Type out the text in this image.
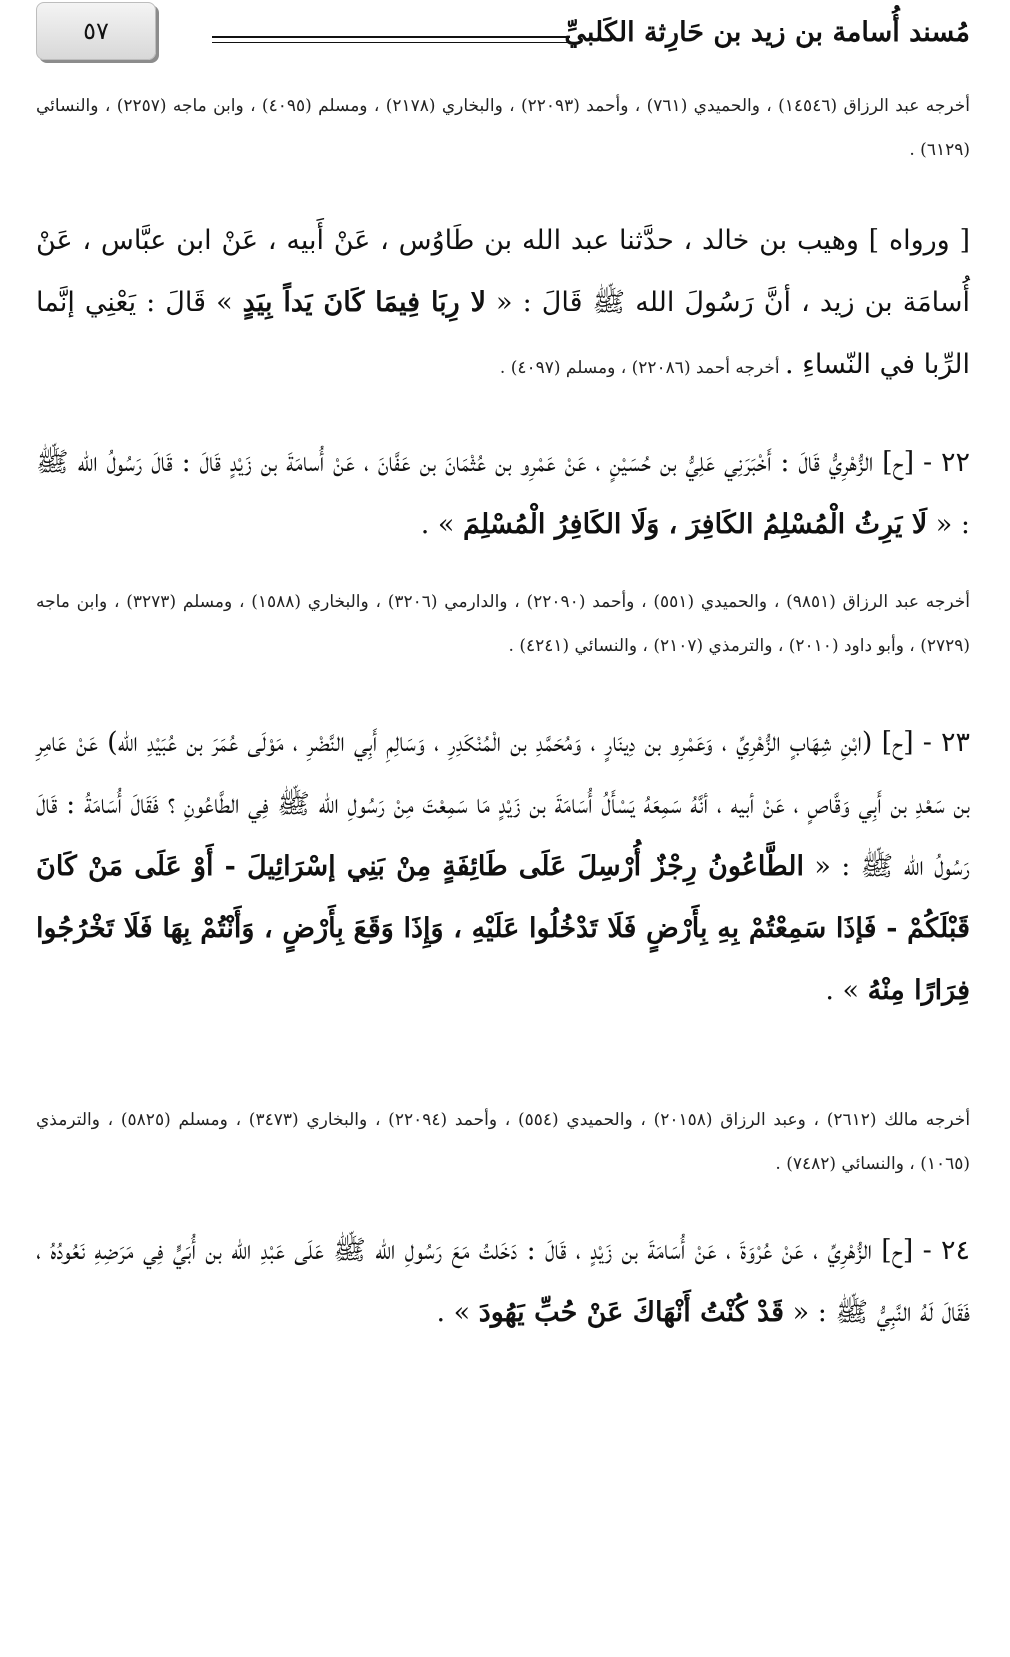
مُسند أُسامة بن زيد بن حَارِثة الكَلبيِّ
٥٧
أخرجه عبد الرزاق (١٤٥٤٦) ، والحميدي (٧٦١) ، وأحمد (٢٢٠٩٣) ، والبخاري (٢١٧٨) ، ومسلم (٤٠٩٥) ، وابن ماجه (٢٢٥٧) ، والنسائي (٦١٢٩) .
[ ورواه ] وهيب بن خالد ، حدَّثنا عبد الله بن طَاوُس ، عَنْ أَبيه ، عَنْ ابن عبَّاس ، عَنْ أُسامَة بن زيد ، أنَّ رَسُولَ الله ﷺ قَالَ : « لا رِبَا فِيمَا كَانَ يَداً بِيَدٍ » قَالَ : يَعْنِي إنَّما الرِّبا في النّساءِ . أخرجه أحمد (٢٢٠٨٦) ، ومسلم (٤٠٩٧) .
٢٢ - [ح] الزُّهْرِيُّ قَالَ : أَخْبَرَنِي عَلِيُّ بن حُسَيْنٍ ، عَنْ عَمْرِو بن عُثْمَانَ بن عَفَّانَ ، عَنْ أُسامَةَ بن زَيْدٍ قَالَ : قَالَ رَسُولُ الله ﷺ : « لَا يَرِثُ الْمُسْلِمُ الكَافِرَ ، وَلَا الكَافِرُ الْمُسْلِمَ » .
أخرجه عبد الرزاق (٩٨٥١) ، والحميدي (٥٥١) ، وأحمد (٢٢٠٩٠) ، والدارمي (٣٢٠٦) ، والبخاري (١٥٨٨) ، ومسلم (٣٢٧٣) ، وابن ماجه (٢٧٢٩) ، وأبو داود (٢٠١٠) ، والترمذي (٢١٠٧) ، والنسائي (٤٢٤١) .
٢٣ - [ح] (ابْنِ شِهَابٍ الزُّهْرِيِّ ، وَعَمْرِو بن دِينَارٍ ، وَمُحَمَّدِ بن الْمُنْكَدِرِ ، وَسَالِمِ أَبِي النَّضْرِ ، مَوْلَى عُمَرَ بن عُبَيْدِ الله) عَنْ عَامِرِ بن سَعْدِ بن أَبِي وَقَّاصٍ ، عَنْ أبيه ، أنَّهُ سَمِعَهُ يَسْأَلُ أُسَامَةَ بن زَيْدٍ مَا سَمِعْتَ مِنْ رَسُولِ الله ﷺ فِي الطَّاعُونِ ؟ فَقَالَ أُسَامَةُ : قَالَ رَسُولُ الله ﷺ : « الطَّاعُونُ رِجْزٌ أُرْسِلَ عَلَى طَائِفَةٍ مِنْ بَنِي إسْرَائِيلَ - أَوْ عَلَى مَنْ كَانَ قَبْلَكُمْ - فَإذَا سَمِعْتُمْ بِهِ بِأَرْضٍ فَلَا تَدْخُلُوا عَلَيْهِ ، وَإِذَا وَقَعَ بِأَرْضٍ ، وَأَنْتُمْ بِهَا فَلَا تَخْرُجُوا فِرَارًا مِنْهُ » .
أخرجه مالك (٢٦١٢) ، وعبد الرزاق (٢٠١٥٨) ، والحميدي (٥٥٤) ، وأحمد (٢٢٠٩٤) ، والبخاري (٣٤٧٣) ، ومسلم (٥٨٢٥) ، والترمذي (١٠٦٥) ، والنسائي (٧٤٨٢) .
٢٤ - [ح] الزُّهْرِيِّ ، عَنْ عُرْوَةَ ، عَنْ أُسَامَةَ بن زَيْدٍ ، قَالَ : دَخَلتُ مَعَ رَسُولِ الله ﷺ عَلَى عَبْدِ الله بن أُبَيٍّ فِي مَرَضِهِ نَعُودُهُ ، فَقَالَ لَهُ النَّبِيُّ ﷺ : « قَدْ كُنْتُ أَنْهَاكَ عَنْ حُبِّ يَهُودَ » .
